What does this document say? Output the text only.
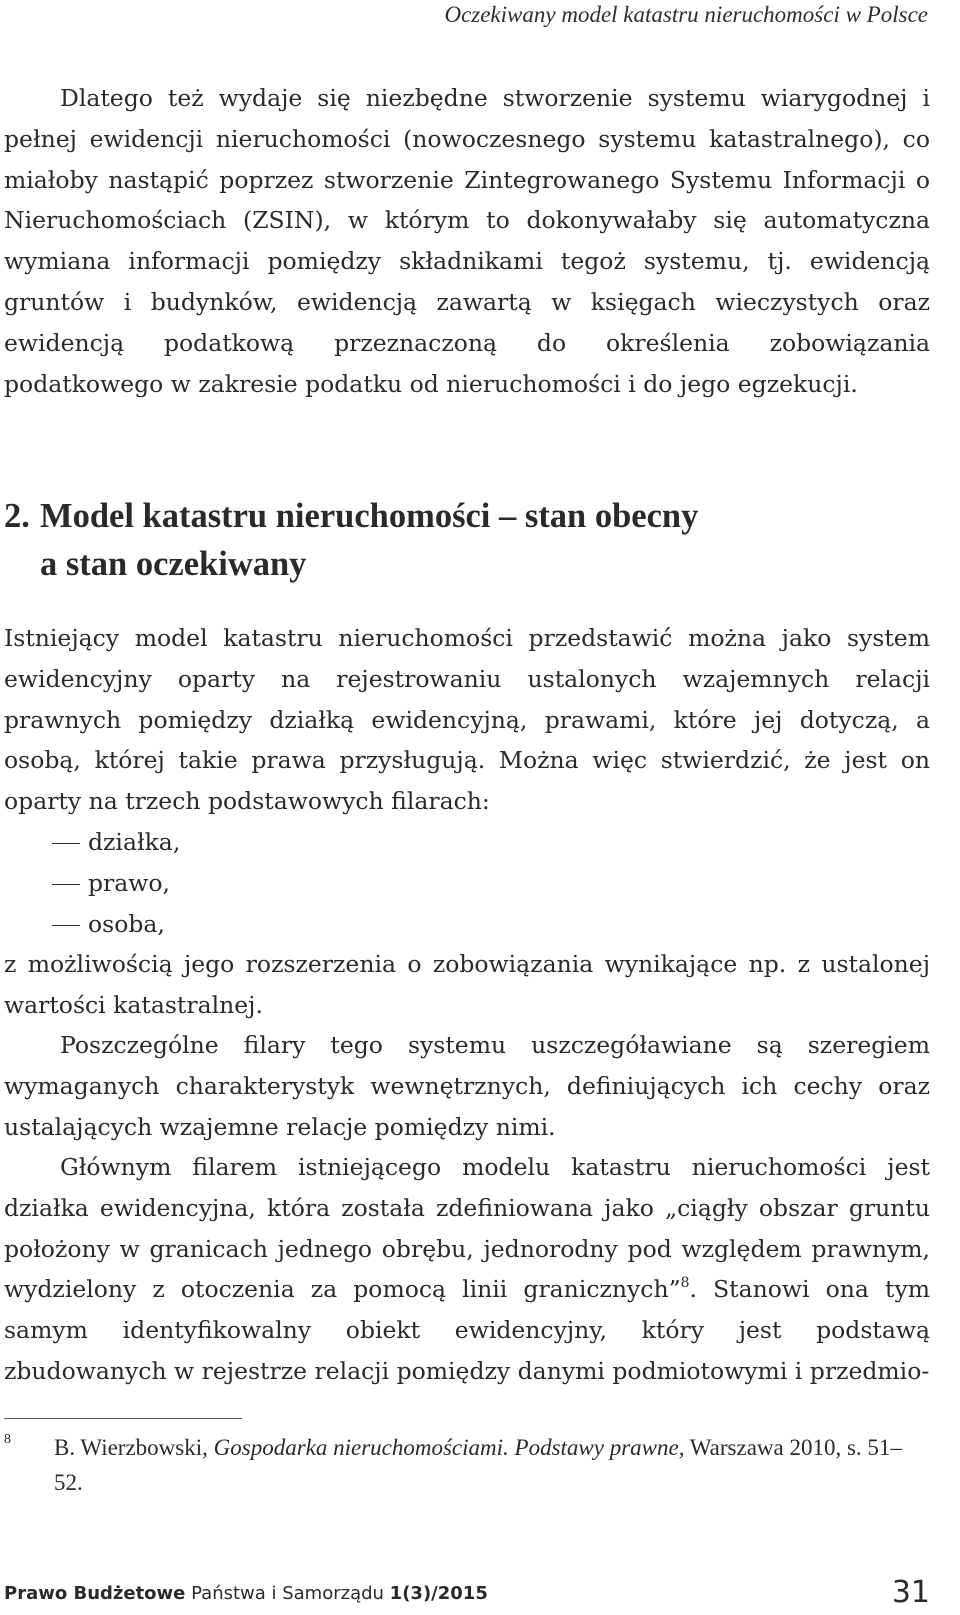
Oczekiwany model katastru nieruchomości w Polsce

Dlatego też wydaje się niezbędne stworzenie systemu wiarygodnej i pełnej ewidencji nieruchomości (nowoczesnego systemu katastralnego), co miałoby nastąpić poprzez stworzenie Zintegrowanego Systemu Informacji o Nieruchomościach (ZSIN), w którym to dokonywałaby się automatyczna wymiana informacji pomiędzy składnikami tegoż systemu, tj. ewidencją gruntów i budynków, ewidencją zawartą w księgach wieczystych oraz ewidencją podatkową przeznaczoną do określenia zobowiązania podatkowego w zakresie podatku od nieruchomości i do jego egzekucji.

2. Model katastru nieruchomości – stan obecny
a stan oczekiwany

Istniejący model katastru nieruchomości przedstawić można jako system ewidencyjny oparty na rejestrowaniu ustalonych wzajemnych relacji prawnych pomiędzy działką ewidencyjną, prawami, które jej dotyczą, a osobą, której takie prawa przysługują. Można więc stwierdzić, że jest on oparty na trzech podstawowych filarach:

działka,
prawo,
osoba,

z możliwością jego rozszerzenia o zobowiązania wynikające np. z ustalonej wartości katastralnej.

Poszczególne filary tego systemu uszczegóławiane są szeregiem wymaganych charakterystyk wewnętrznych, definiujących ich cechy oraz ustalających wzajemne relacje pomiędzy nimi.

Głównym filarem istniejącego modelu katastru nieruchomości jest działka ewidencyjna, która została zdefiniowana jako „ciągły obszar gruntu położony w granicach jednego obrębu, jednorodny pod względem prawnym, wydzielony z otoczenia za pomocą linii granicznych”$^8$. Stanowi ona tym samym identyfikowalny obiekt ewidencyjny, który jest podstawą zbudowanych w rejestrze relacji pomiędzy danymi podmiotowymi i przedmio-

8 B. Wierzbowski, Gospodarka nieruchomościami. Podstawy prawne, Warszawa 2010, s. 51–52.
Prawo Budżetowe Państwa i Samorządu 1(3)/2015	31
